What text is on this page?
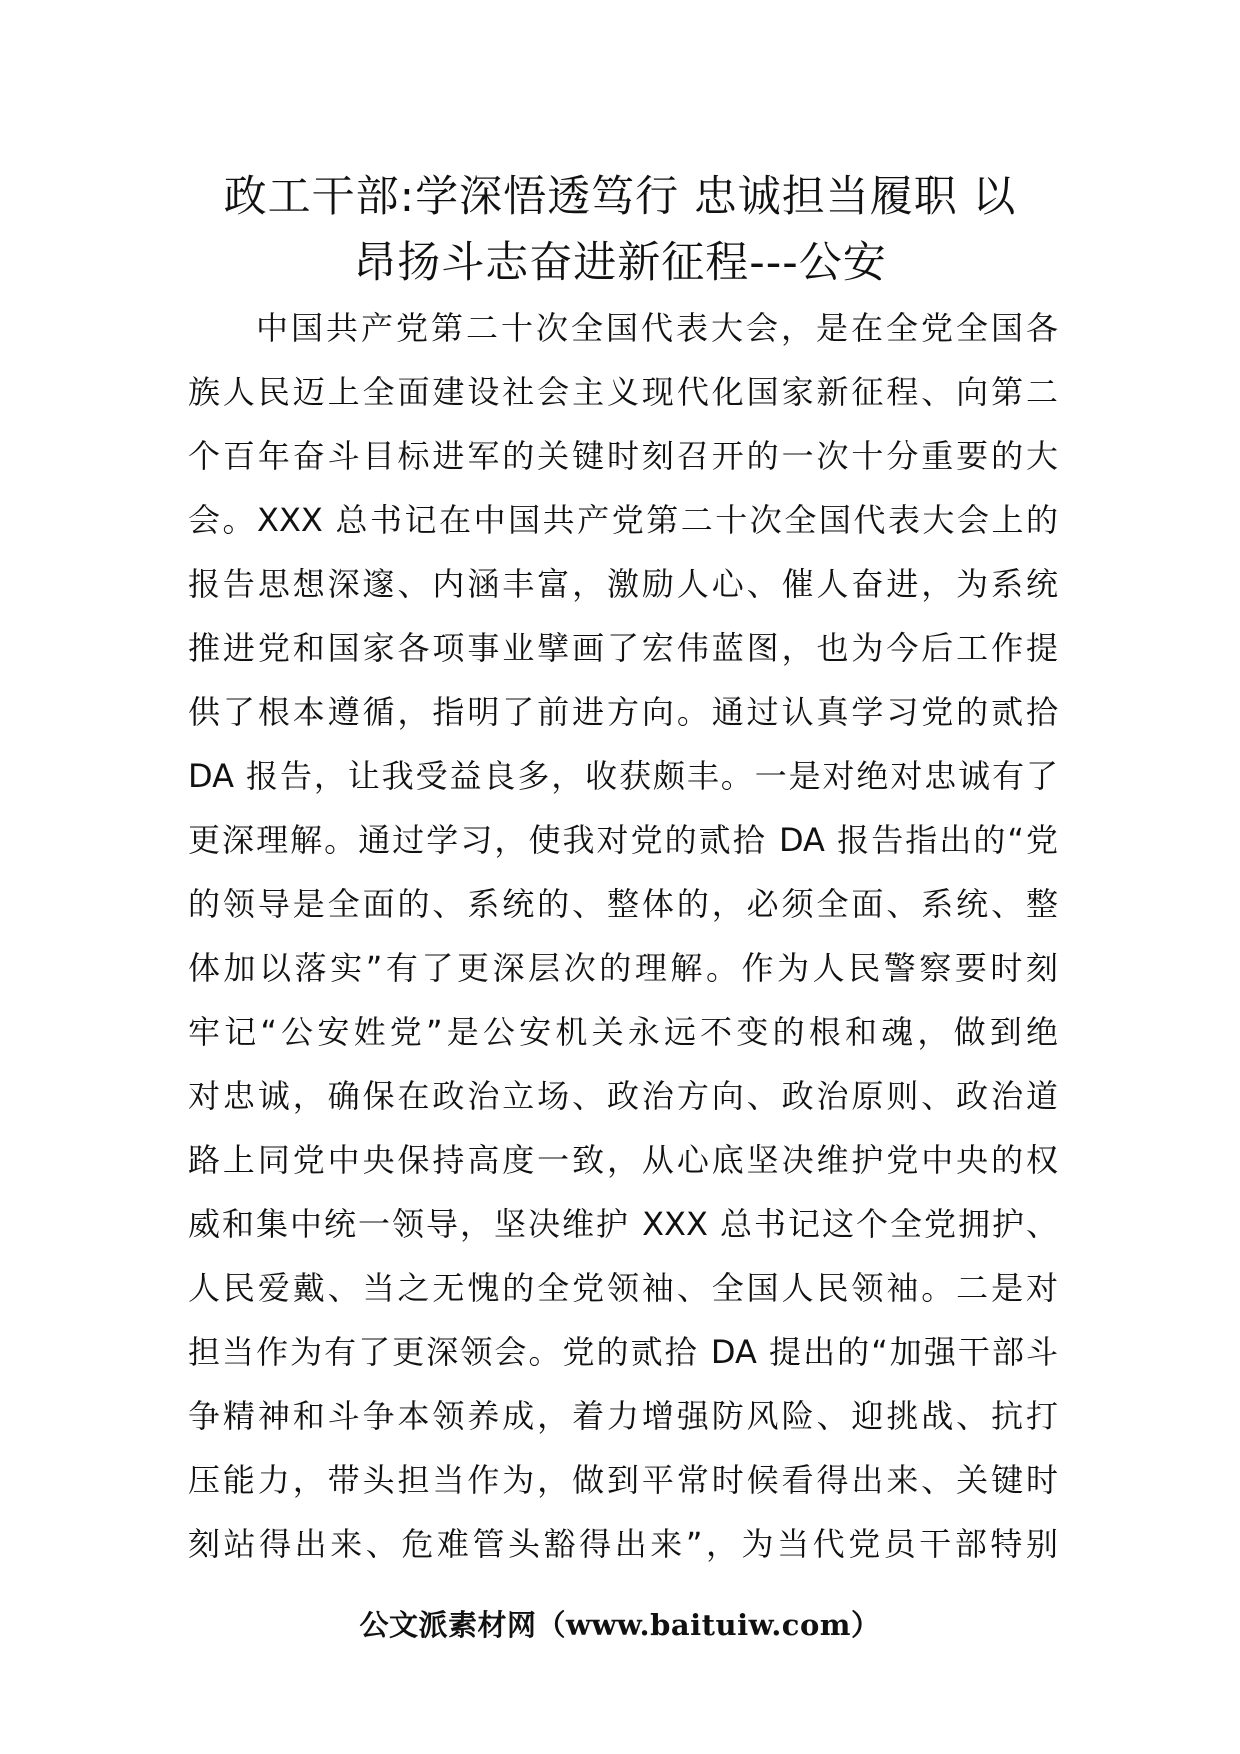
政工干部:学深悟透笃行 忠诚担当履职 以
昂扬斗志奋进新征程---公安
中国共产党第二十次全国代表大会，是在全党全国各
族人民迈上全面建设社会主义现代化国家新征程、向第二
个百年奋斗目标进军的关键时刻召开的一次十分重要的大
会。XXX 总书记在中国共产党第二十次全国代表大会上的
报告思想深邃、内涵丰富，激励人心、催人奋进，为系统
推进党和国家各项事业擘画了宏伟蓝图，也为今后工作提
供了根本遵循，指明了前进方向。通过认真学习党的贰拾
DA 报告，让我受益良多，收获颇丰。一是对绝对忠诚有了
更深理解。通过学习，使我对党的贰拾 DA 报告指出的“党
的领导是全面的、系统的、整体的，必须全面、系统、整
体加以落实”有了更深层次的理解。作为人民警察要时刻
牢记“公安姓党”是公安机关永远不变的根和魂，做到绝
对忠诚，确保在政治立场、政治方向、政治原则、政治道
路上同党中央保持高度一致，从心底坚决维护党中央的权
威和集中统一领导，坚决维护 XXX 总书记这个全党拥护、
人民爱戴、当之无愧的全党领袖、全国人民领袖。二是对
担当作为有了更深领会。党的贰拾 DA 提出的“加强干部斗
争精神和斗争本领养成，着力增强防风险、迎挑战、抗打
压能力，带头担当作为，做到平常时候看得出来、关键时
刻站得出来、危难管头豁得出来”，为当代党员干部特别
公文派素材网（www.baituiw.com）
